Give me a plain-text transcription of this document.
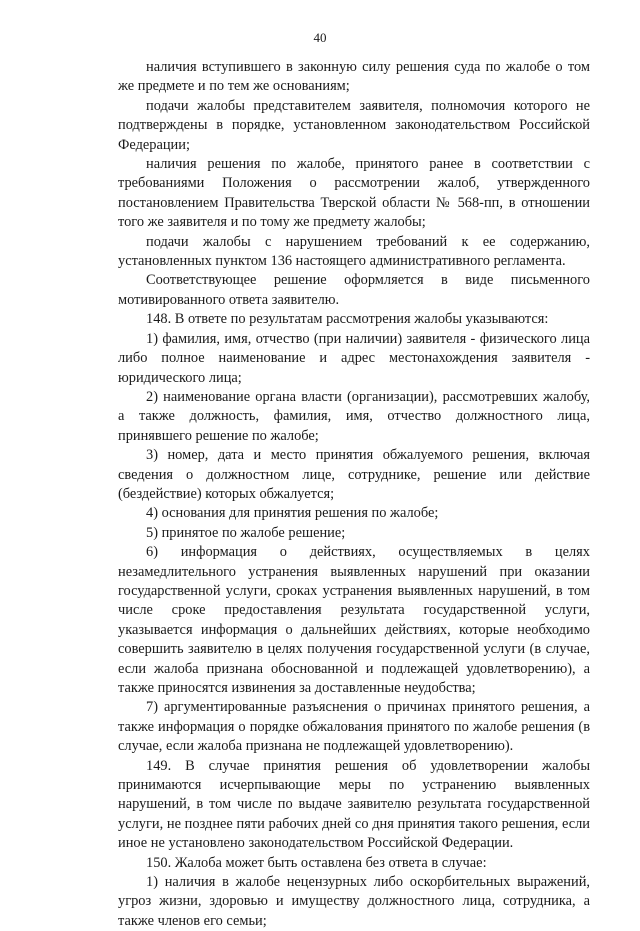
40

наличия вступившего в законную силу решения суда по жалобе о том же предмете и по тем же основаниям;

подачи жалобы представителем заявителя, полномочия которого не подтверждены в порядке, установленном законодательством Российской Федерации;

наличия решения по жалобе, принятого ранее в соответствии с требованиями Положения о рассмотрении жалоб, утвержденного постановлением Правительства Тверской области № 568-пп, в отношении того же заявителя и по тому же предмету жалобы;

подачи жалобы с нарушением требований к ее содержанию, установленных пунктом 136 настоящего административного регламента.

Соответствующее решение оформляется в виде письменного мотивированного ответа заявителю.

148. В ответе по результатам рассмотрения жалобы указываются:

1) фамилия, имя, отчество (при наличии) заявителя - физического лица либо полное наименование и адрес местонахождения заявителя - юридического лица;

2) наименование органа власти (организации), рассмотревших жалобу, а также должность, фамилия, имя, отчество должностного лица, принявшего решение по жалобе;

3) номер, дата и место принятия обжалуемого решения, включая сведения о должностном лице, сотруднике, решение или действие (бездействие) которых обжалуется;

4) основания для принятия решения по жалобе;

5) принятое по жалобе решение;

6) информация о действиях, осуществляемых в целях незамедлительного устранения выявленных нарушений при оказании государственной услуги, сроках устранения выявленных нарушений, в том числе сроке предоставления результата государственной услуги, указывается информация о дальнейших действиях, которые необходимо совершить заявителю в целях получения государственной услуги (в случае, если жалоба признана обоснованной и подлежащей удовлетворению), а также приносятся извинения за доставленные неудобства;

7) аргументированные разъяснения о причинах принятого решения, а также информация о порядке обжалования принятого по жалобе решения (в случае, если жалоба признана не подлежащей удовлетворению).

149. В случае принятия решения об удовлетворении жалобы принимаются исчерпывающие меры по устранению выявленных нарушений, в том числе по выдаче заявителю результата государственной услуги, не позднее пяти рабочих дней со дня принятия такого решения, если иное не установлено законодательством Российской Федерации.

150. Жалоба может быть оставлена без ответа в случае:

1) наличия в жалобе нецензурных либо оскорбительных выражений, угроз жизни, здоровью и имуществу должностного лица, сотрудника, а также членов его семьи;
